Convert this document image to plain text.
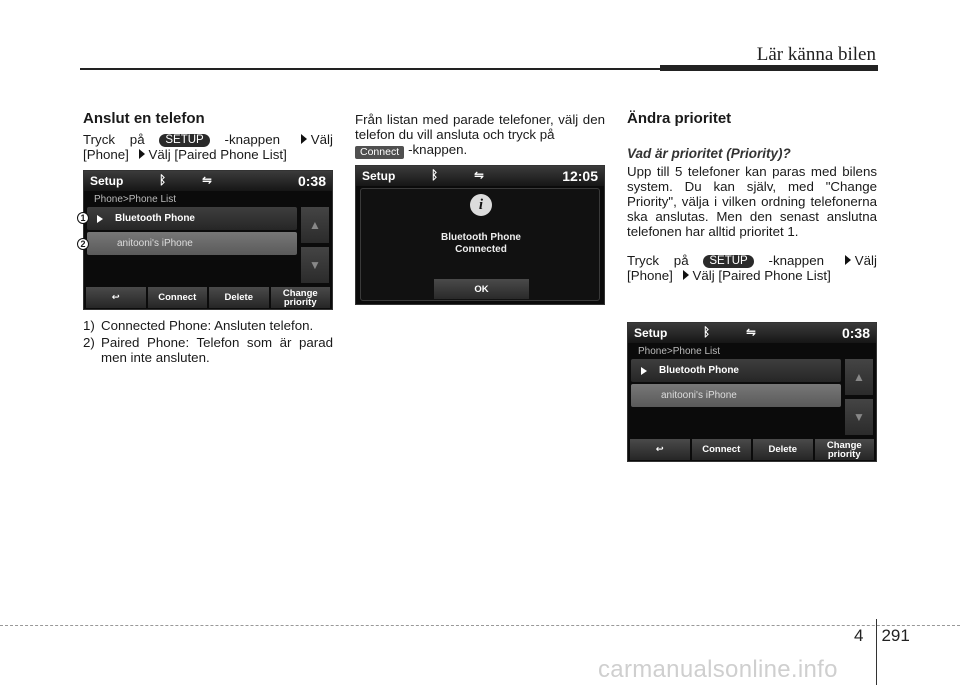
Lär känna bilen
Anslut en telefon
Tryck på SETUP -knappen Välj [Phone] Välj [Paired Phone List]
Setup	ᛒ	⇋	0:38
Phone>Phone List
Bluetooth Phone
anitooni's iPhone
▲
▼
↩	Connect	Delete	Change
priority
1
2
1) Connected Phone: Ansluten telefon.
2) Paired Phone: Telefon som är parad men inte ansluten.
Från listan med parade telefoner, välj den telefon du vill ansluta och tryck på
Connect -knappen.
Setup	ᛒ	⇋	12:05
i
Bluetooth Phone
Connected
OK
Ändra prioritet
Vad är prioritet (Priority)?
Upp till 5 telefoner kan paras med bilens system. Du kan själv, med "Change Priority", välja i vilken ordning telefonerna ska anslutas. Men den senast anslutna telefonen har alltid prioritet 1.
Tryck på SETUP -knappen Välj [Phone] Välj [Paired Phone List]
Setup	ᛒ	⇋	0:38
Phone>Phone List
Bluetooth Phone
anitooni's iPhone
▲
▼
↩	Connect	Delete	Change
priority
4 291
carmanualsonline.info
